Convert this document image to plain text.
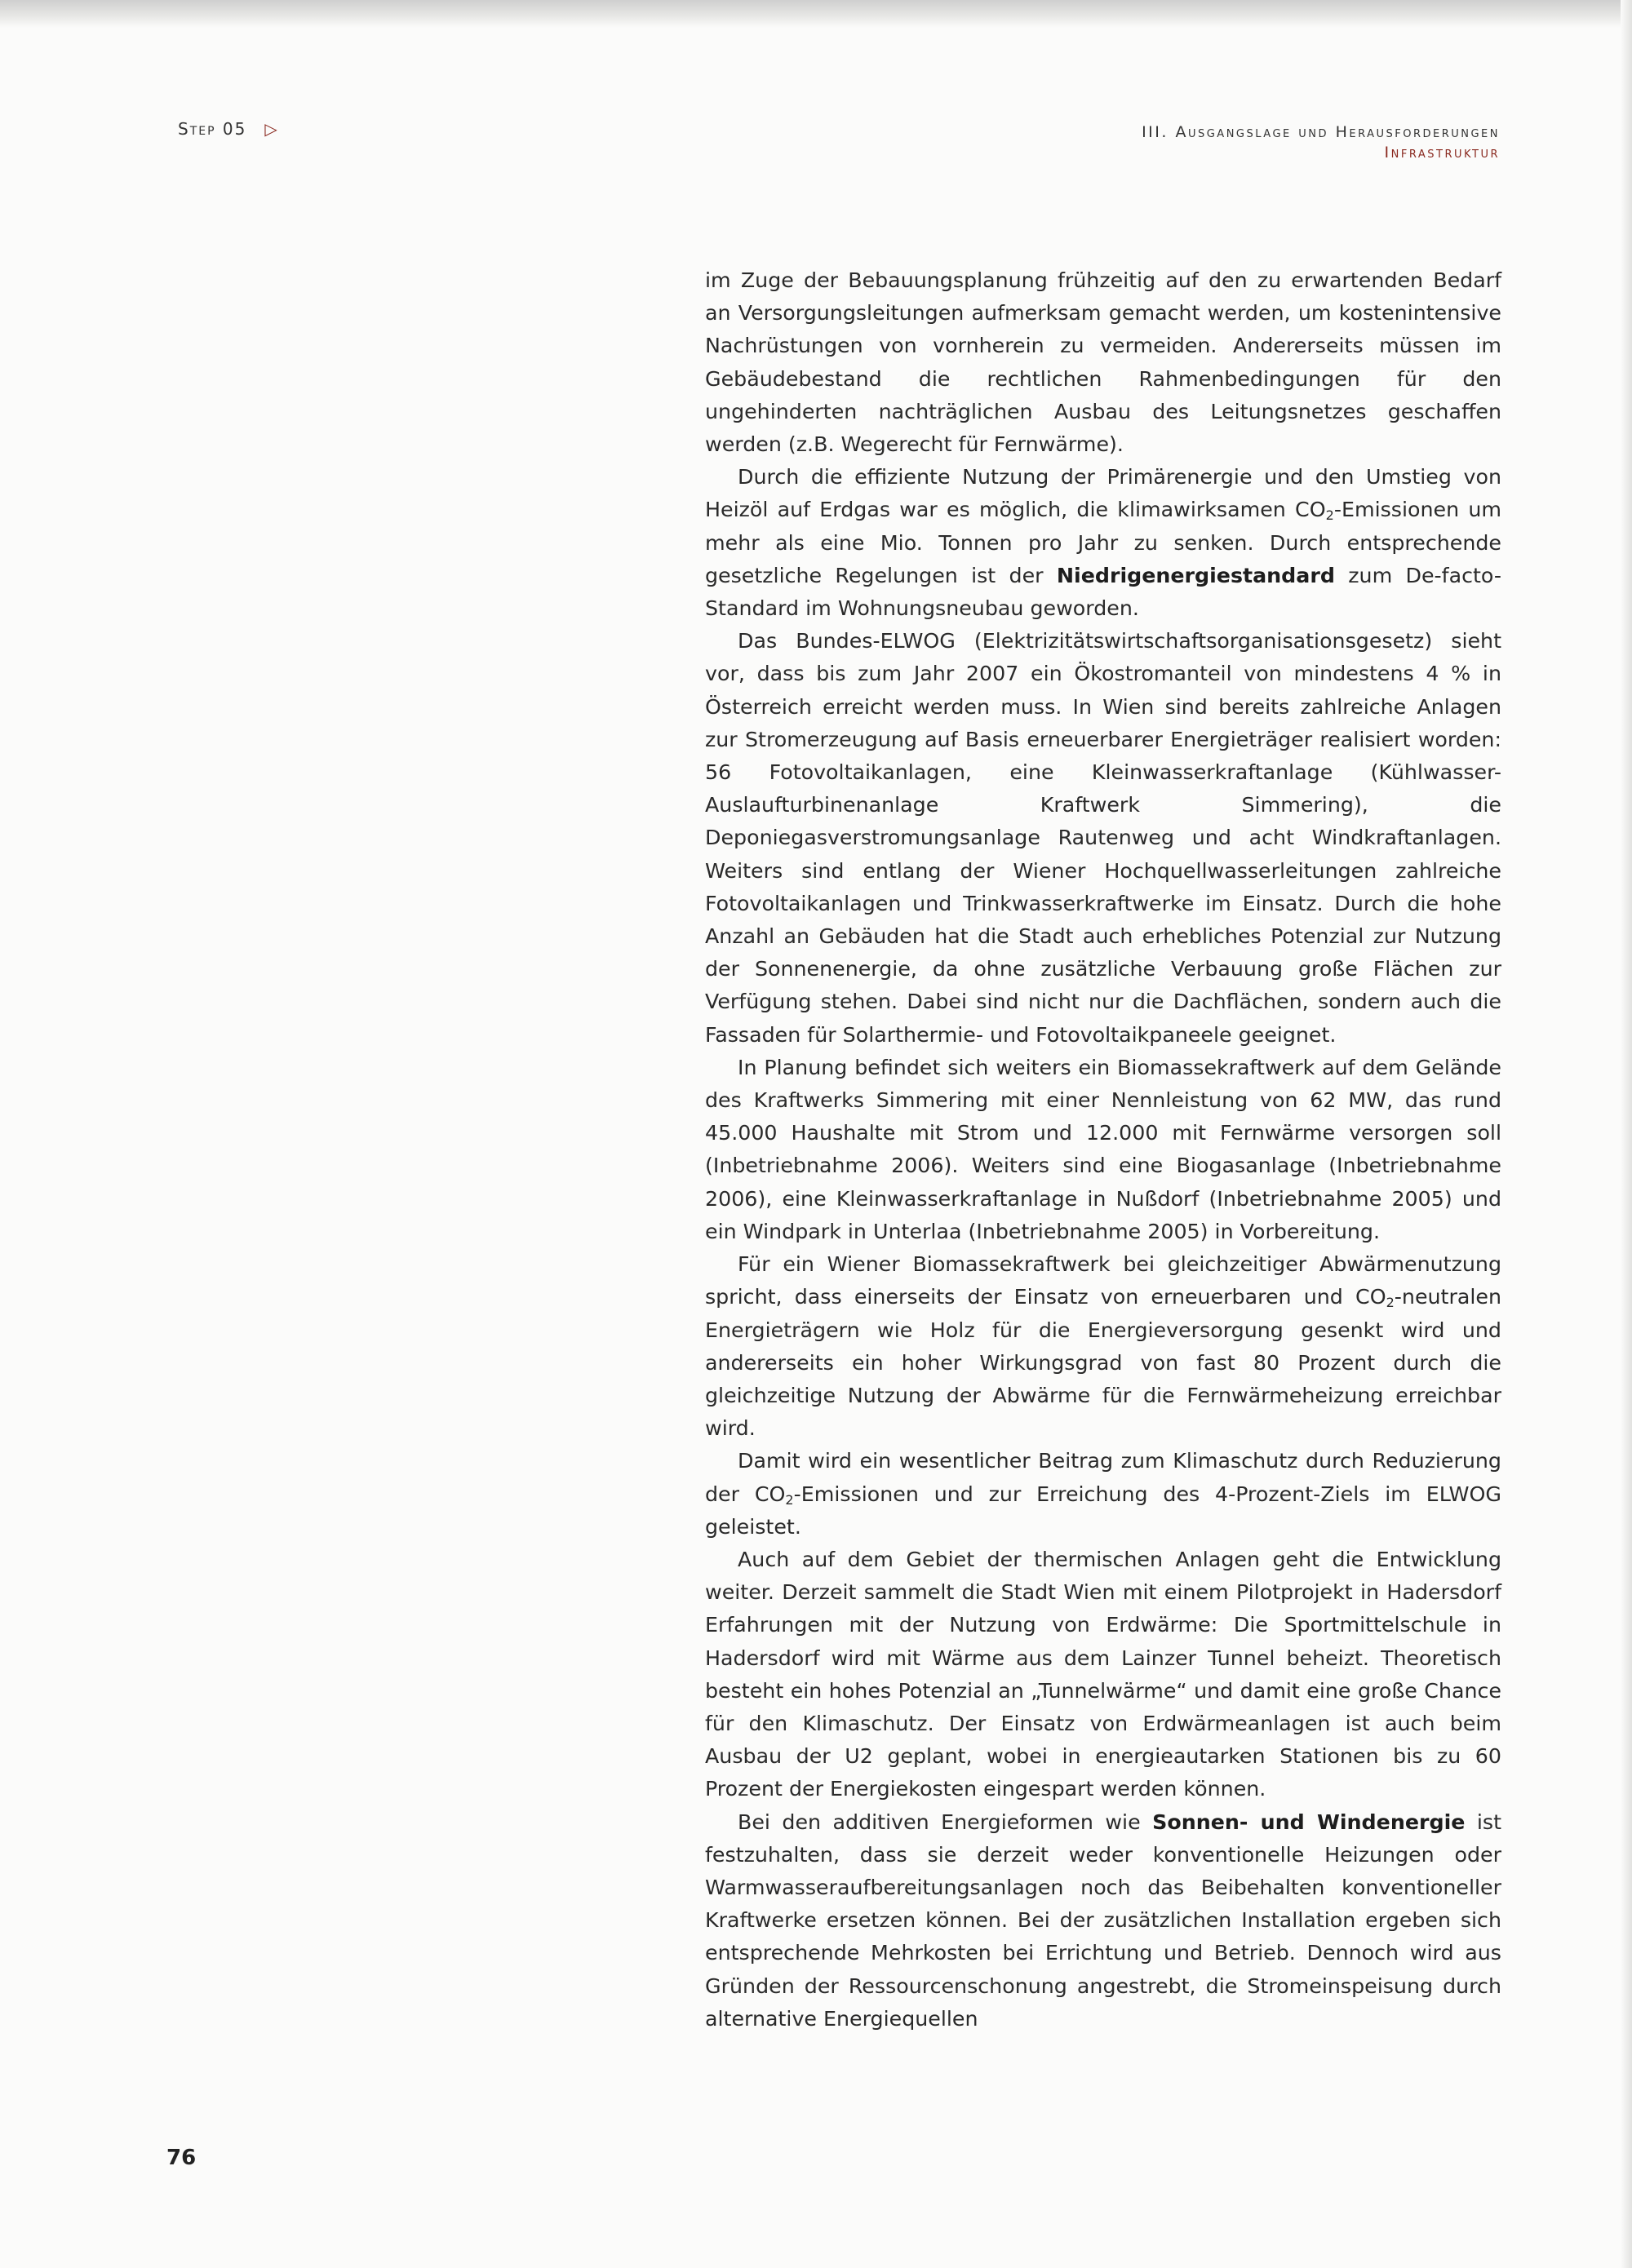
Step 05 ▷	III. Ausgangslage und Herausforderungen
Infrastruktur

im Zuge der Bebauungsplanung frühzeitig auf den zu erwartenden Bedarf an Versorgungsleitungen aufmerksam gemacht werden, um kostenintensive Nachrüstungen von vornherein zu vermeiden. Andererseits müssen im Gebäudebestand die rechtlichen Rahmenbedingungen für den ungehinderten nachträglichen Ausbau des Leitungsnetzes geschaffen werden (z.B. Wegerecht für Fernwärme).

Durch die effiziente Nutzung der Primärenergie und den Umstieg von Heizöl auf Erdgas war es möglich, die klimawirksamen $CO_2$-Emissionen um mehr als eine Mio. Tonnen pro Jahr zu senken. Durch entsprechende gesetzliche Regelungen ist der Niedrigenergiestandard zum De-facto-Standard im Wohnungsneubau geworden.

Das Bundes-ELWOG (Elektrizitätswirtschaftsorganisationsgesetz) sieht vor, dass bis zum Jahr 2007 ein Ökostromanteil von mindestens 4 % in Österreich erreicht werden muss. In Wien sind bereits zahlreiche Anlagen zur Stromerzeugung auf Basis erneuerbarer Energieträger realisiert worden: 56 Fotovoltaikanlagen, eine Kleinwasserkraftanlage (Kühlwasser-Auslaufturbinenanlage Kraftwerk Simmering), die Deponiegasverstromungsanlage Rautenweg und acht Windkraftanlagen. Weiters sind entlang der Wiener Hochquellwasserleitungen zahlreiche Fotovoltaikanlagen und Trinkwasserkraftwerke im Einsatz. Durch die hohe Anzahl an Gebäuden hat die Stadt auch erhebliches Potenzial zur Nutzung der Sonnenenergie, da ohne zusätzliche Verbauung große Flächen zur Verfügung stehen. Dabei sind nicht nur die Dachflächen, sondern auch die Fassaden für Solarthermie- und Fotovoltaikpaneele geeignet.

In Planung befindet sich weiters ein Biomassekraftwerk auf dem Gelände des Kraftwerks Simmering mit einer Nennleistung von 62 MW, das rund 45.000 Haushalte mit Strom und 12.000 mit Fernwärme versorgen soll (Inbetriebnahme 2006). Weiters sind eine Biogasanlage (Inbetriebnahme 2006), eine Kleinwasserkraftanlage in Nußdorf (Inbetriebnahme 2005) und ein Windpark in Unterlaa (Inbetriebnahme 2005) in Vorbereitung.

Für ein Wiener Biomassekraftwerk bei gleichzeitiger Abwärmenutzung spricht, dass einerseits der Einsatz von erneuerbaren und $CO_2$-neutralen Energieträgern wie Holz für die Energieversorgung gesenkt wird und andererseits ein hoher Wirkungsgrad von fast 80 Prozent durch die gleichzeitige Nutzung der Abwärme für die Fernwärmeheizung erreichbar wird.

Damit wird ein wesentlicher Beitrag zum Klimaschutz durch Reduzierung der $CO_2$-Emissionen und zur Erreichung des 4-Prozent-Ziels im ELWOG geleistet.

Auch auf dem Gebiet der thermischen Anlagen geht die Entwicklung weiter. Derzeit sammelt die Stadt Wien mit einem Pilotprojekt in Hadersdorf Erfahrungen mit der Nutzung von Erdwärme: Die Sportmittelschule in Hadersdorf wird mit Wärme aus dem Lainzer Tunnel beheizt. Theoretisch besteht ein hohes Potenzial an „Tunnelwärme“ und damit eine große Chance für den Klimaschutz. Der Einsatz von Erdwärmeanlagen ist auch beim Ausbau der U2 geplant, wobei in energieautarken Stationen bis zu 60 Prozent der Energiekosten eingespart werden können.

Bei den additiven Energieformen wie Sonnen- und Windenergie ist festzuhalten, dass sie derzeit weder konventionelle Heizungen oder Warmwasseraufbereitungsanlagen noch das Beibehalten konventioneller Kraftwerke ersetzen können. Bei der zusätzlichen Installation ergeben sich entsprechende Mehrkosten bei Errichtung und Betrieb. Dennoch wird aus Gründen der Ressourcenschonung angestrebt, die Stromeinspeisung durch alternative Energiequellen

76
